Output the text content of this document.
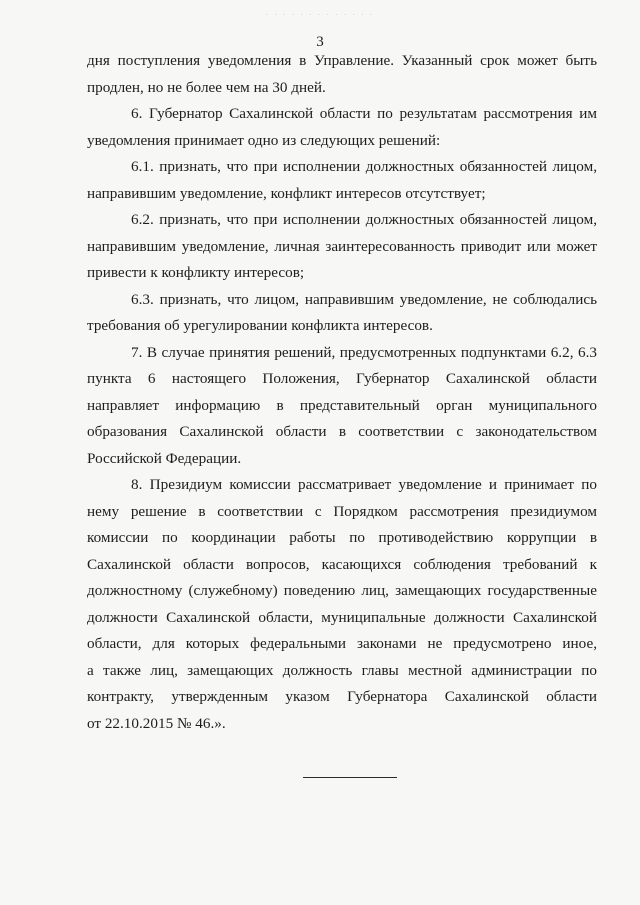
· · · · · · · · · · · · ·
3
дня поступления уведомления в Управление. Указанный срок может быть
продлен, но не более чем на 30 дней.
6. Губернатор Сахалинской области по результатам рассмотрения им
уведомления принимает одно из следующих решений:
6.1. признать, что при исполнении должностных обязанностей лицом,
направившим уведомление, конфликт интересов отсутствует;
6.2. признать, что при исполнении должностных обязанностей лицом,
направившим уведомление, личная заинтересованность приводит или может
привести к конфликту интересов;
6.3. признать, что лицом, направившим уведомление, не соблюдались
требования об урегулировании конфликта интересов.
7. В случае принятия решений, предусмотренных подпунктами 6.2, 6.3
пункта 6 настоящего Положения, Губернатор Сахалинской области
направляет информацию в представительный орган муниципального
образования Сахалинской области в соответствии с законодательством
Российской Федерации.
8. Президиум комиссии рассматривает уведомление и принимает по
нему решение в соответствии с Порядком рассмотрения президиумом
комиссии по координации работы по противодействию коррупции в
Сахалинской области вопросов, касающихся соблюдения требований к
должностному (служебному) поведению лиц, замещающих государственные
должности Сахалинской области, муниципальные должности Сахалинской
области, для которых федеральными законами не предусмотрено иное,
а также лиц, замещающих должность главы местной администрации по
контракту, утвержденным указом Губернатора Сахалинской области
от 22.10.2015 № 46.».
